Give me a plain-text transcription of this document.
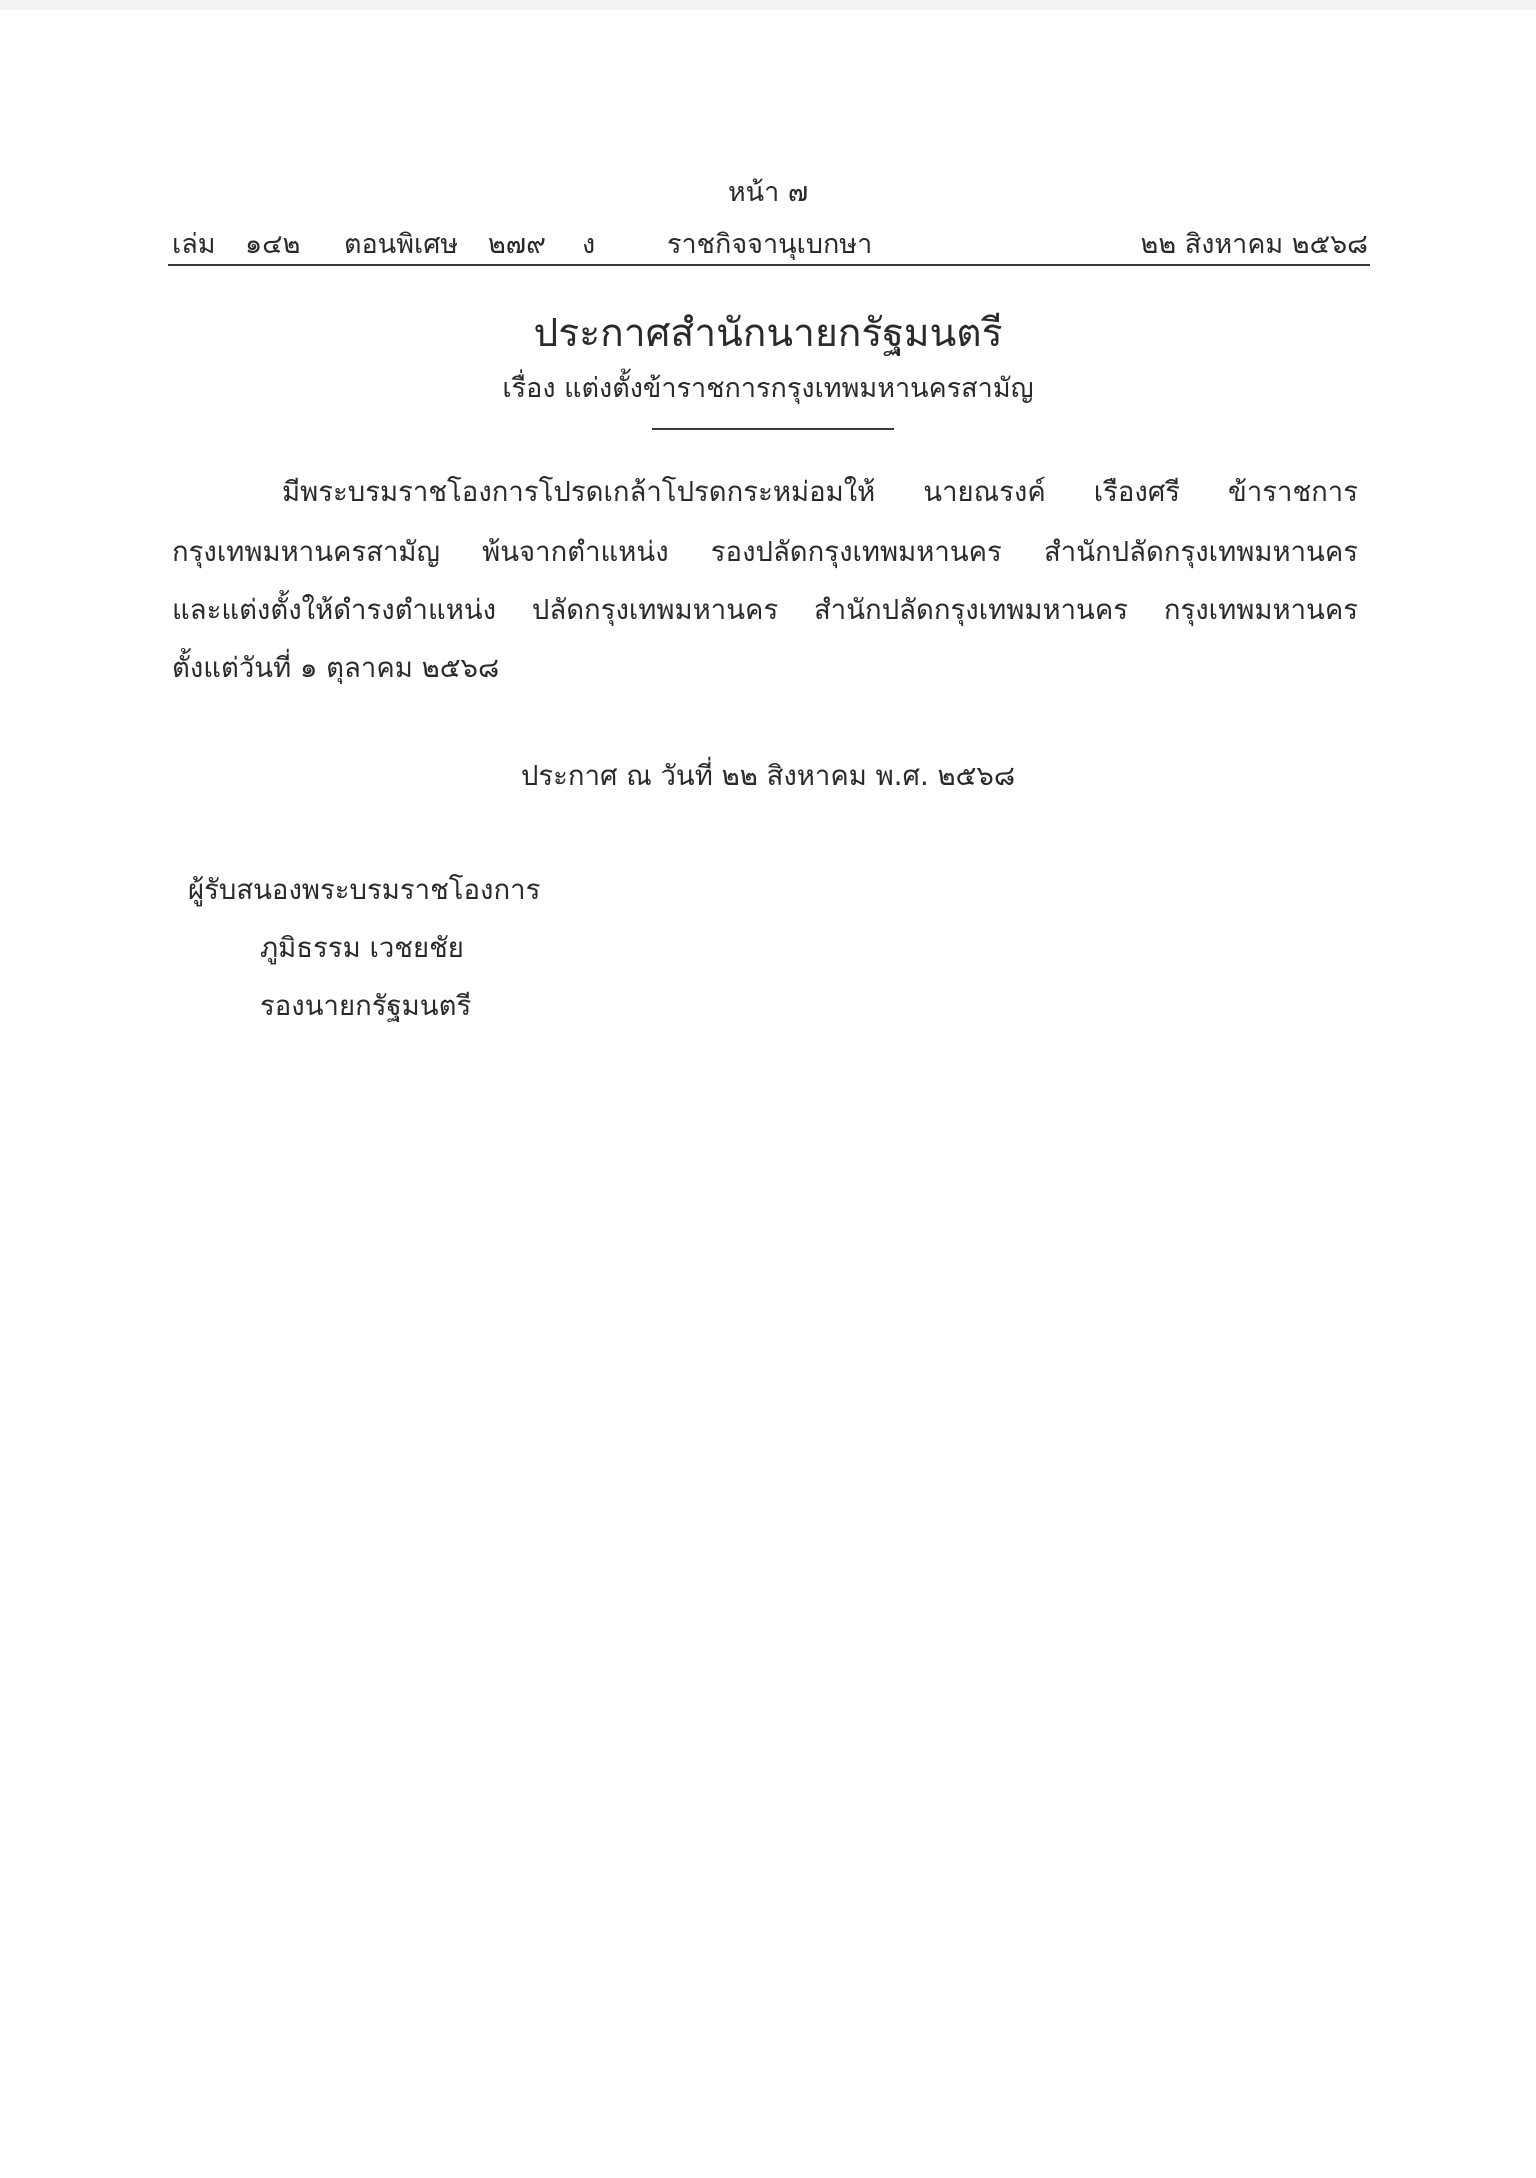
หน้า ๗
เล่ม ๑๔๒ ตอนพิเศษ ๒๗๙ ง	ราชกิจจานุเบกษา	๒๒ สิงหาคม ๒๕๖๘
ประกาศสำนักนายกรัฐมนตรี
เรื่อง แต่งตั้งข้าราชการกรุงเทพมหานครสามัญ
มีพระบรมราชโองการโปรดเกล้าโปรดกระหม่อมให้ นายณรงค์ เรืองศรี ข้าราชการ
กรุงเทพมหานครสามัญ พ้นจากตำแหน่ง รองปลัดกรุงเทพมหานคร สำนักปลัดกรุงเทพมหานคร
และแต่งตั้งให้ดำรงตำแหน่ง ปลัดกรุงเทพมหานคร สำนักปลัดกรุงเทพมหานคร กรุงเทพมหานคร
ตั้งแต่วันที่ ๑ ตุลาคม ๒๕๖๘
ประกาศ ณ วันที่ ๒๒ สิงหาคม พ.ศ. ๒๕๖๘
ผู้รับสนองพระบรมราชโองการ
ภูมิธรรม เวชยชัย
รองนายกรัฐมนตรี
